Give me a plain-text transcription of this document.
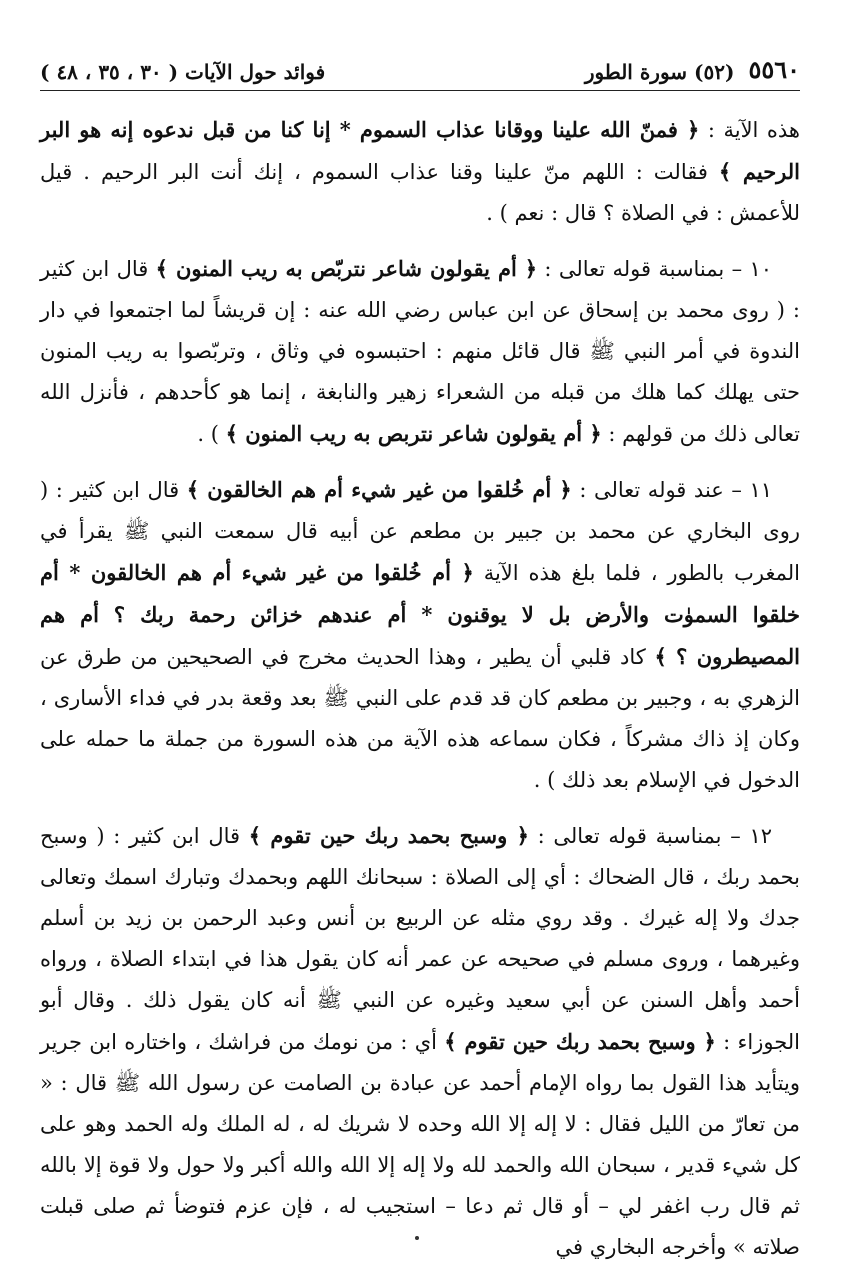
٥٥٦٠
(٥٢) سورة الطور
فوائد حول الآيات ( ٣٠ ، ٣٥ ، ٤٨ )

هذه الآية : ﴿ فمنّ الله علينا ووقانا عذاب السموم * إنا كنا من قبل ندعوه إنه هو البر الرحيم ﴾ فقالت : اللهم منّ علينا وقنا عذاب السموم ، إنك أنت البر الرحيم . قيل للأعمش : في الصلاة ؟ قال : نعم ) .

١٠ – بمناسبة قوله تعالى : ﴿ أم يقولون شاعر نتربّص به ريب المنون ﴾ قال ابن كثير : ( روى محمد بن إسحاق عن ابن عباس رضي الله عنه : إن قريشاً لما اجتمعوا في دار الندوة في أمر النبي ﷺ قال قائل منهم : احتبسوه في وثاق ، وتربّصوا به ريب المنون حتى يهلك كما هلك من قبله من الشعراء زهير والنابغة ، إنما هو كأحدهم ، فأنزل الله تعالى ذلك من قولهم : ﴿ أم يقولون شاعر نتربص به ريب المنون ﴾ ) .

١١ – عند قوله تعالى : ﴿ أم خُلقوا من غير شيء أم هم الخالقون ﴾ قال ابن كثير : ( روى البخاري عن محمد بن جبير بن مطعم عن أبيه قال سمعت النبي ﷺ يقرأ في المغرب بالطور ، فلما بلغ هذه الآية ﴿ أم خُلقوا من غير شيء أم هم الخالقون * أم خلقوا السموٰت والأرض بل لا يوقنون * أم عندهم خزائن رحمة ربك ؟ أم هم المصيطرون ؟ ﴾ كاد قلبي أن يطير ، وهذا الحديث مخرج في الصحيحين من طرق عن الزهري به ، وجبير بن مطعم كان قد قدم على النبي ﷺ بعد وقعة بدر في فداء الأسارى ، وكان إذ ذاك مشركاً ، فكان سماعه هذه الآية من هذه السورة من جملة ما حمله على الدخول في الإسلام بعد ذلك ) .

١٢ – بمناسبة قوله تعالى : ﴿ وسبح بحمد ربك حين تقوم ﴾ قال ابن كثير : ( وسبح بحمد ربك ، قال الضحاك : أي إلى الصلاة : سبحانك اللهم وبحمدك وتبارك اسمك وتعالى جدك ولا إله غيرك . وقد روي مثله عن الربيع بن أنس وعبد الرحمن بن زيد بن أسلم وغيرهما ، وروى مسلم في صحيحه عن عمر أنه كان يقول هذا في ابتداء الصلاة ، ورواه أحمد وأهل السنن عن أبي سعيد وغيره عن النبي ﷺ أنه كان يقول ذلك . وقال أبو الجوزاء : ﴿ وسبح بحمد ربك حين تقوم ﴾ أي : من نومك من فراشك ، واختاره ابن جرير ويتأيد هذا القول بما رواه الإمام أحمد عن عبادة بن الصامت عن رسول الله ﷺ قال : « من تعارّ من الليل فقال : لا إله إلا الله وحده لا شريك له ، له الملك وله الحمد وهو على كل شيء قدير ، سبحان الله والحمد لله ولا إله إلا الله والله أكبر ولا حول ولا قوة إلا بالله ثم قال رب اغفر لي – أو قال ثم دعا – استجيب له ، فإن عزم فتوضأ ثم صلى قبلت صلاته » وأخرجه البخاري في
